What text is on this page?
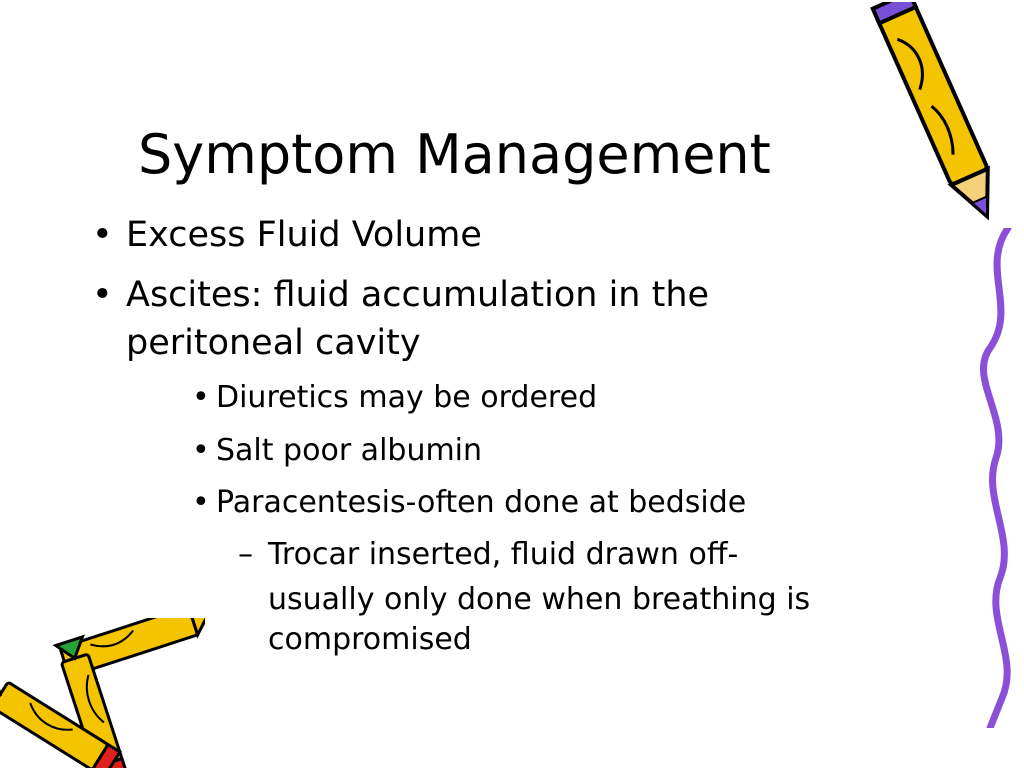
Symptom Management
• Excess Fluid Volume
• Ascites: fluid accumulation in the
peritoneal cavity
• Diuretics may be ordered
• Salt poor albumin
• Paracentesis-often done at bedside
– Trocar inserted, fluid drawn off-
usually only done when breathing is
compromised
